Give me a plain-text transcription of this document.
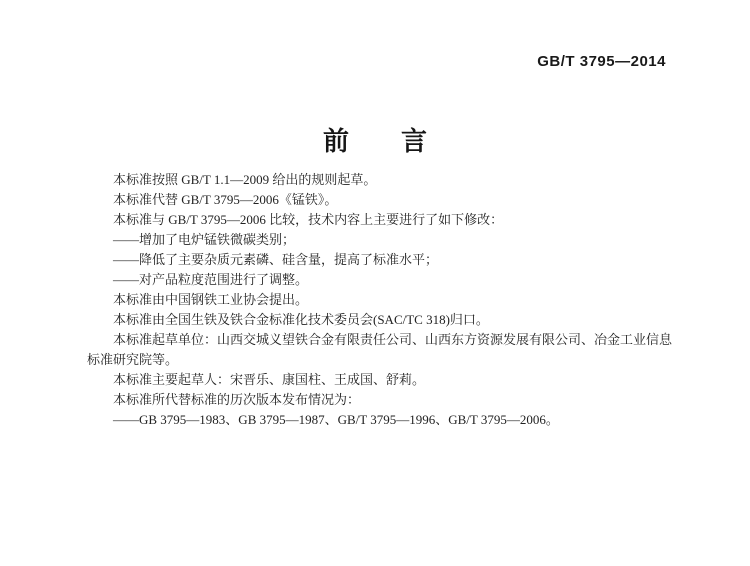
GB/T 3795—2014
前　　言

本标准按照 GB/T 1.1—2009 给出的规则起草。

本标准代替 GB/T 3795—2006《锰铁》。

本标准与 GB/T 3795—2006 比较，技术内容上主要进行了如下修改：

——增加了电炉锰铁微碳类别；

——降低了主要杂质元素磷、硅含量，提高了标准水平；

——对产品粒度范围进行了调整。

本标准由中国钢铁工业协会提出。

本标准由全国生铁及铁合金标准化技术委员会(SAC/TC 318)归口。

本标准起草单位：山西交城义望铁合金有限责任公司、山西东方资源发展有限公司、冶金工业信息标准研究院等。

本标准主要起草人：宋晋乐、康国柱、王成国、舒莉。

本标准所代替标准的历次版本发布情况为：

——GB 3795—1983、GB 3795—1987、GB/T 3795—1996、GB/T 3795—2006。
